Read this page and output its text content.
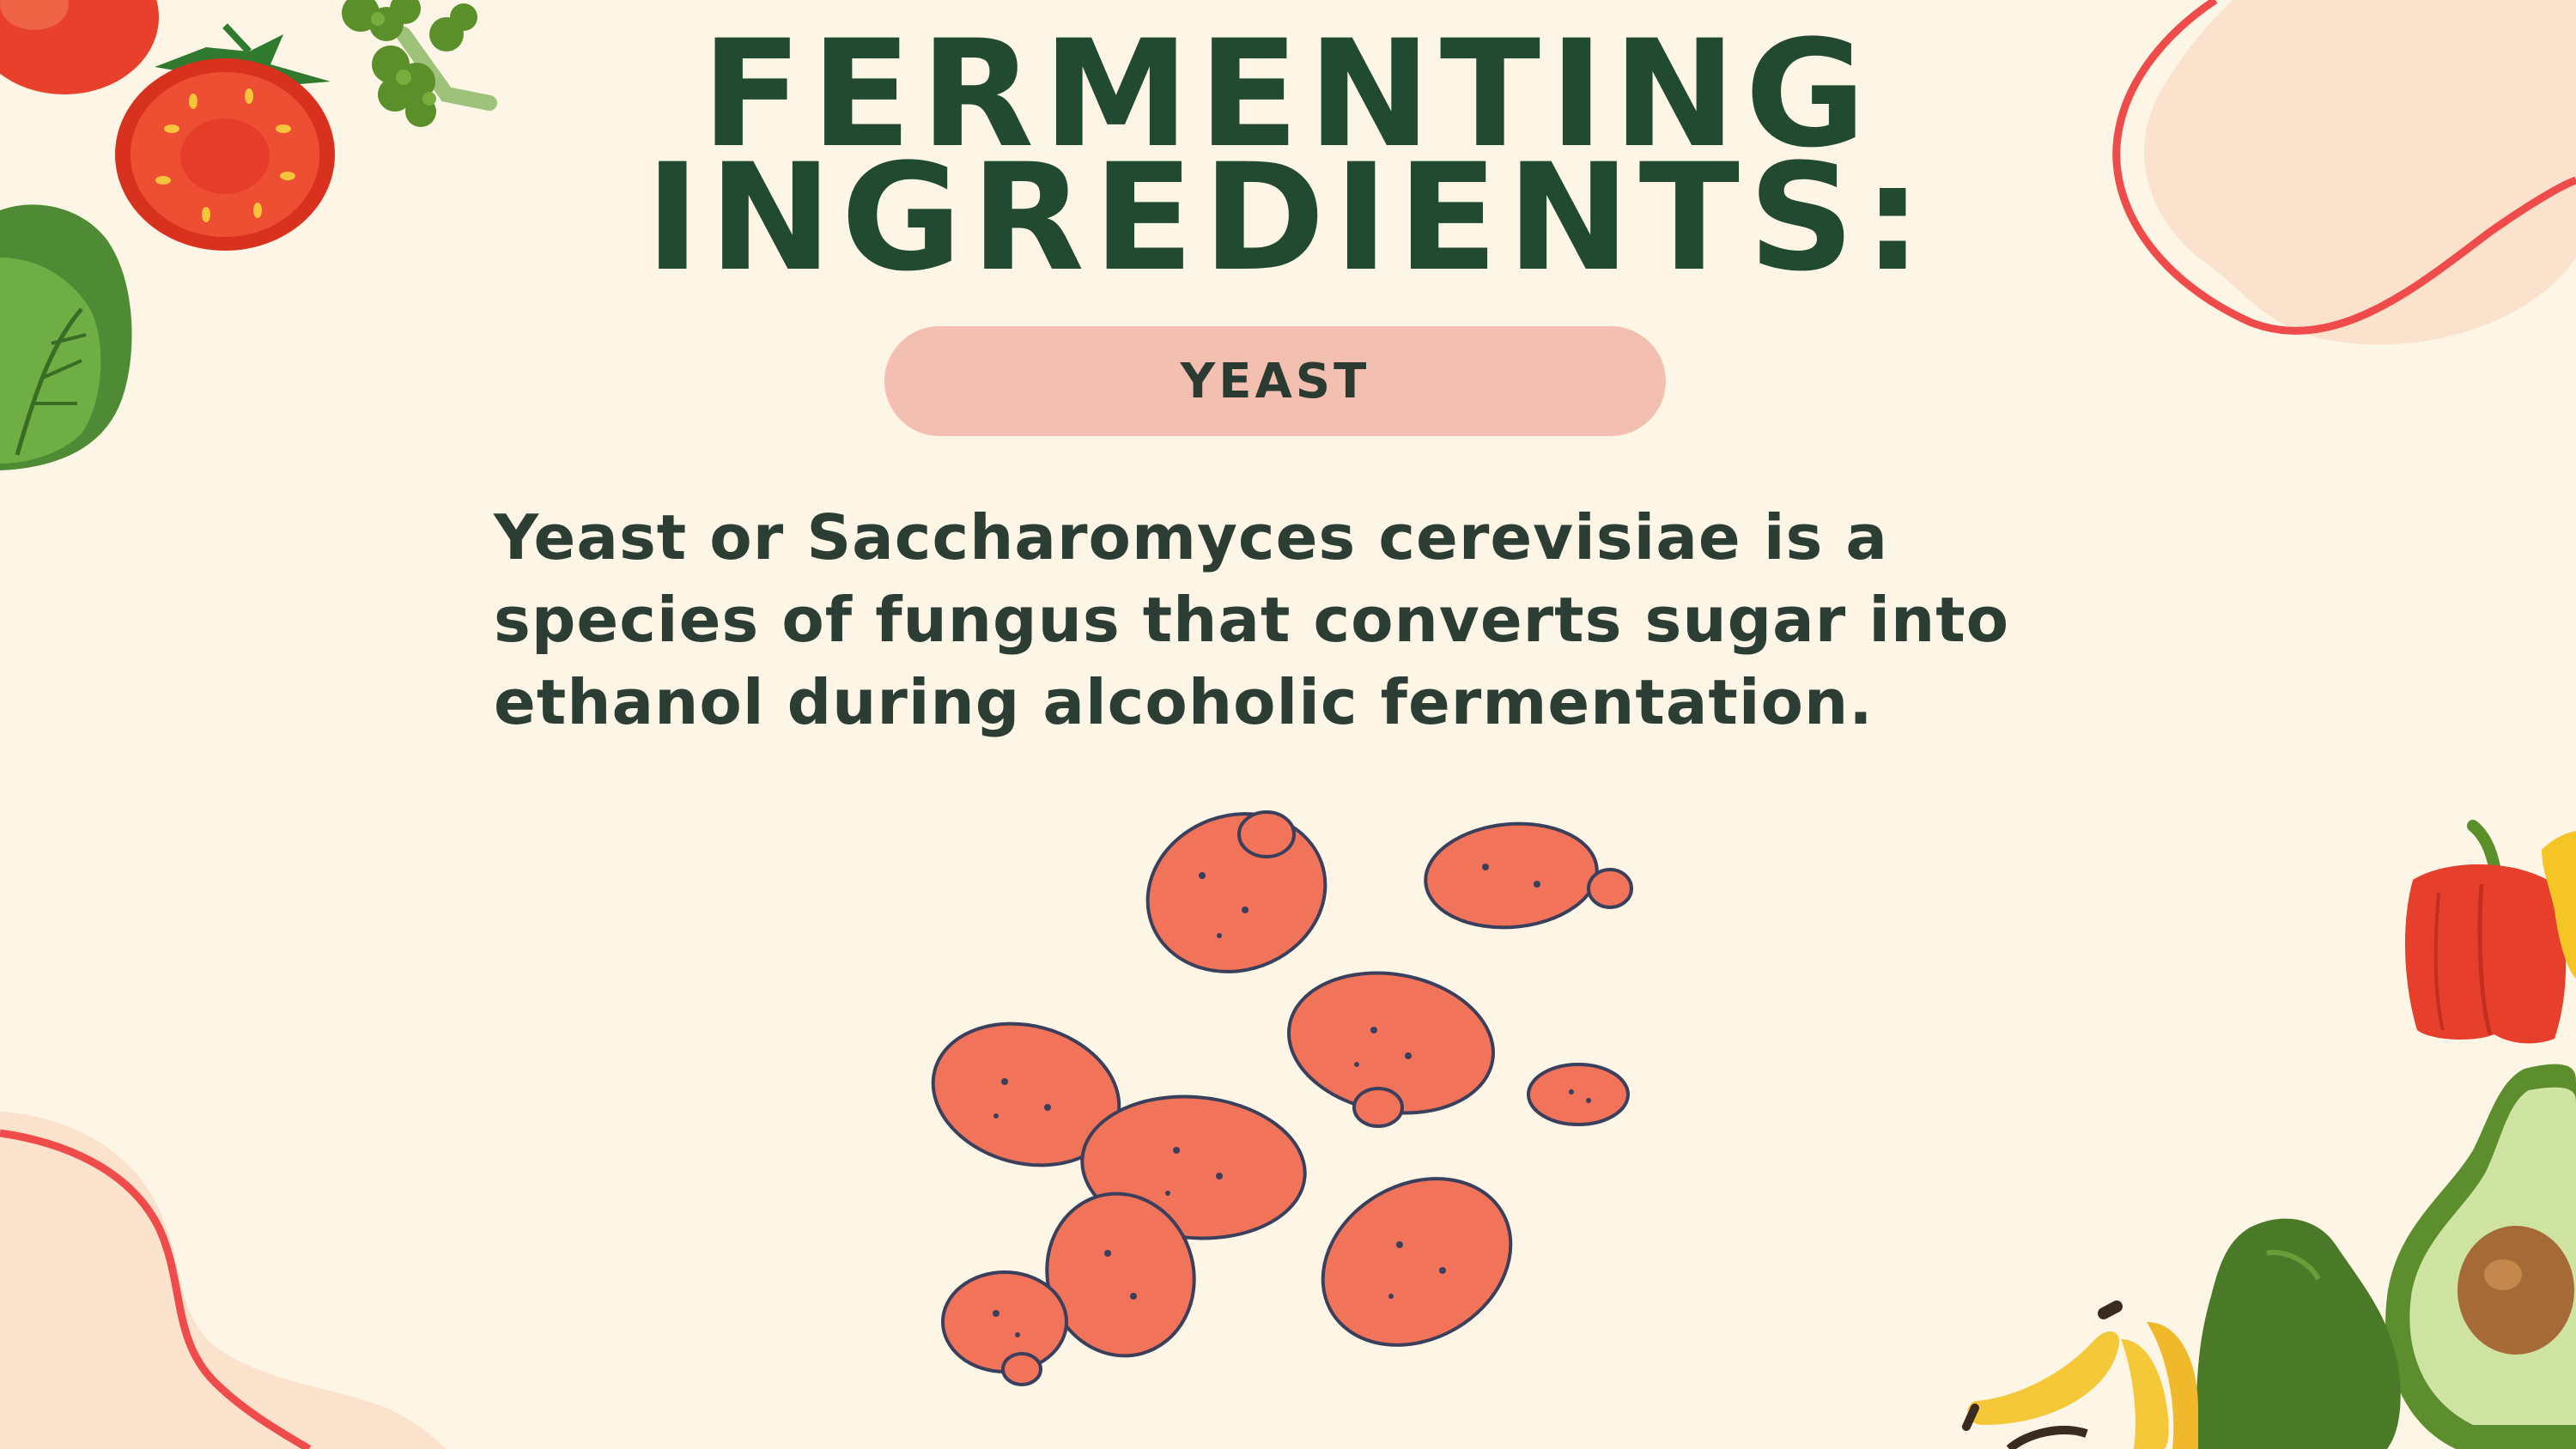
FERMENTING
INGREDIENTS:
YEAST

Yeast or Saccharomyces cerevisiae is a species of fungus that converts sugar into ethanol during alcoholic fermentation.
